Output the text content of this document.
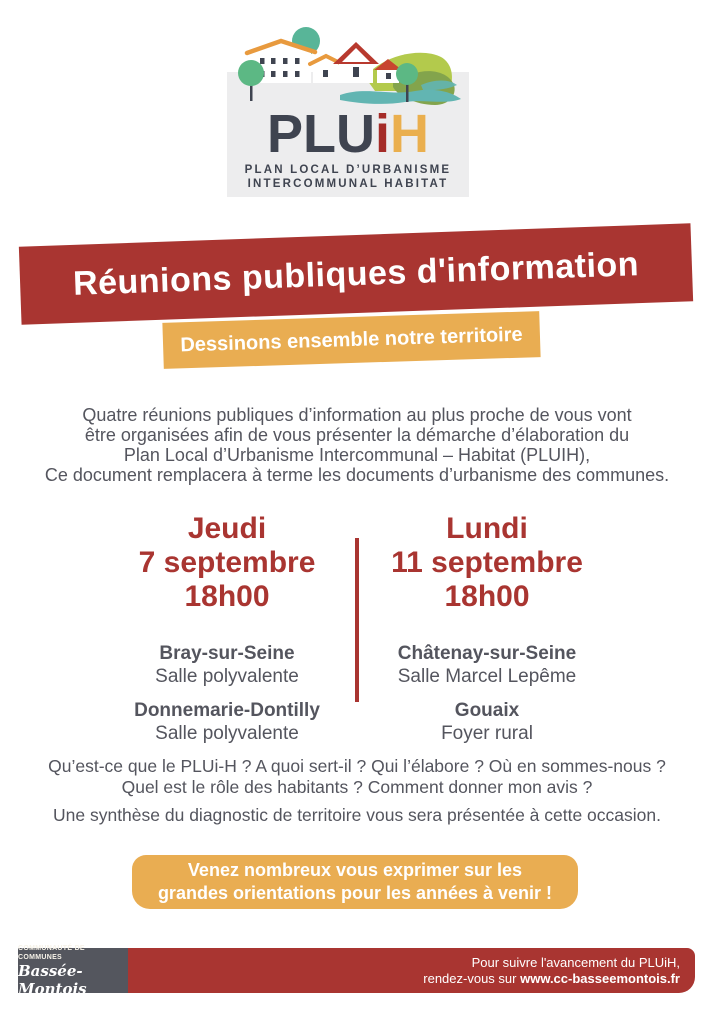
PLUiH
PLAN LOCAL D’URBANISME
INTERCOMMUNAL HABITAT
Réunions publiques d'information
Dessinons ensemble notre territoire
Quatre réunions publiques d’information au plus proche de vous vont
être organisées afin de vous présenter la démarche d’élaboration du
Plan Local d’Urbanisme Intercommunal – Habitat (PLUIH),
Ce document remplacera à terme les documents d’urbanisme des communes.
Jeudi
7 septembre
18h00
Bray-sur-Seine
Salle polyvalente
Donnemarie-Dontilly
Salle polyvalente
Lundi
11 septembre
18h00
Châtenay-sur-Seine
Salle Marcel Lepême
Gouaix
Foyer rural
Qu’est-ce que le PLUi-H ? A quoi sert-il ? Qui l’élabore ? Où en sommes-nous ?
Quel est le rôle des habitants ? Comment donner mon avis ?
Une synthèse du diagnostic de territoire vous sera présentée à cette occasion.
Venez nombreux vous exprimer sur les
grandes orientations pour les années à venir !
COMMUNAUTÉ DE COMMUNES
Bassée-Montois
Pour suivre l'avancement du PLUiH,
rendez-vous sur www.cc-basseemontois.fr
